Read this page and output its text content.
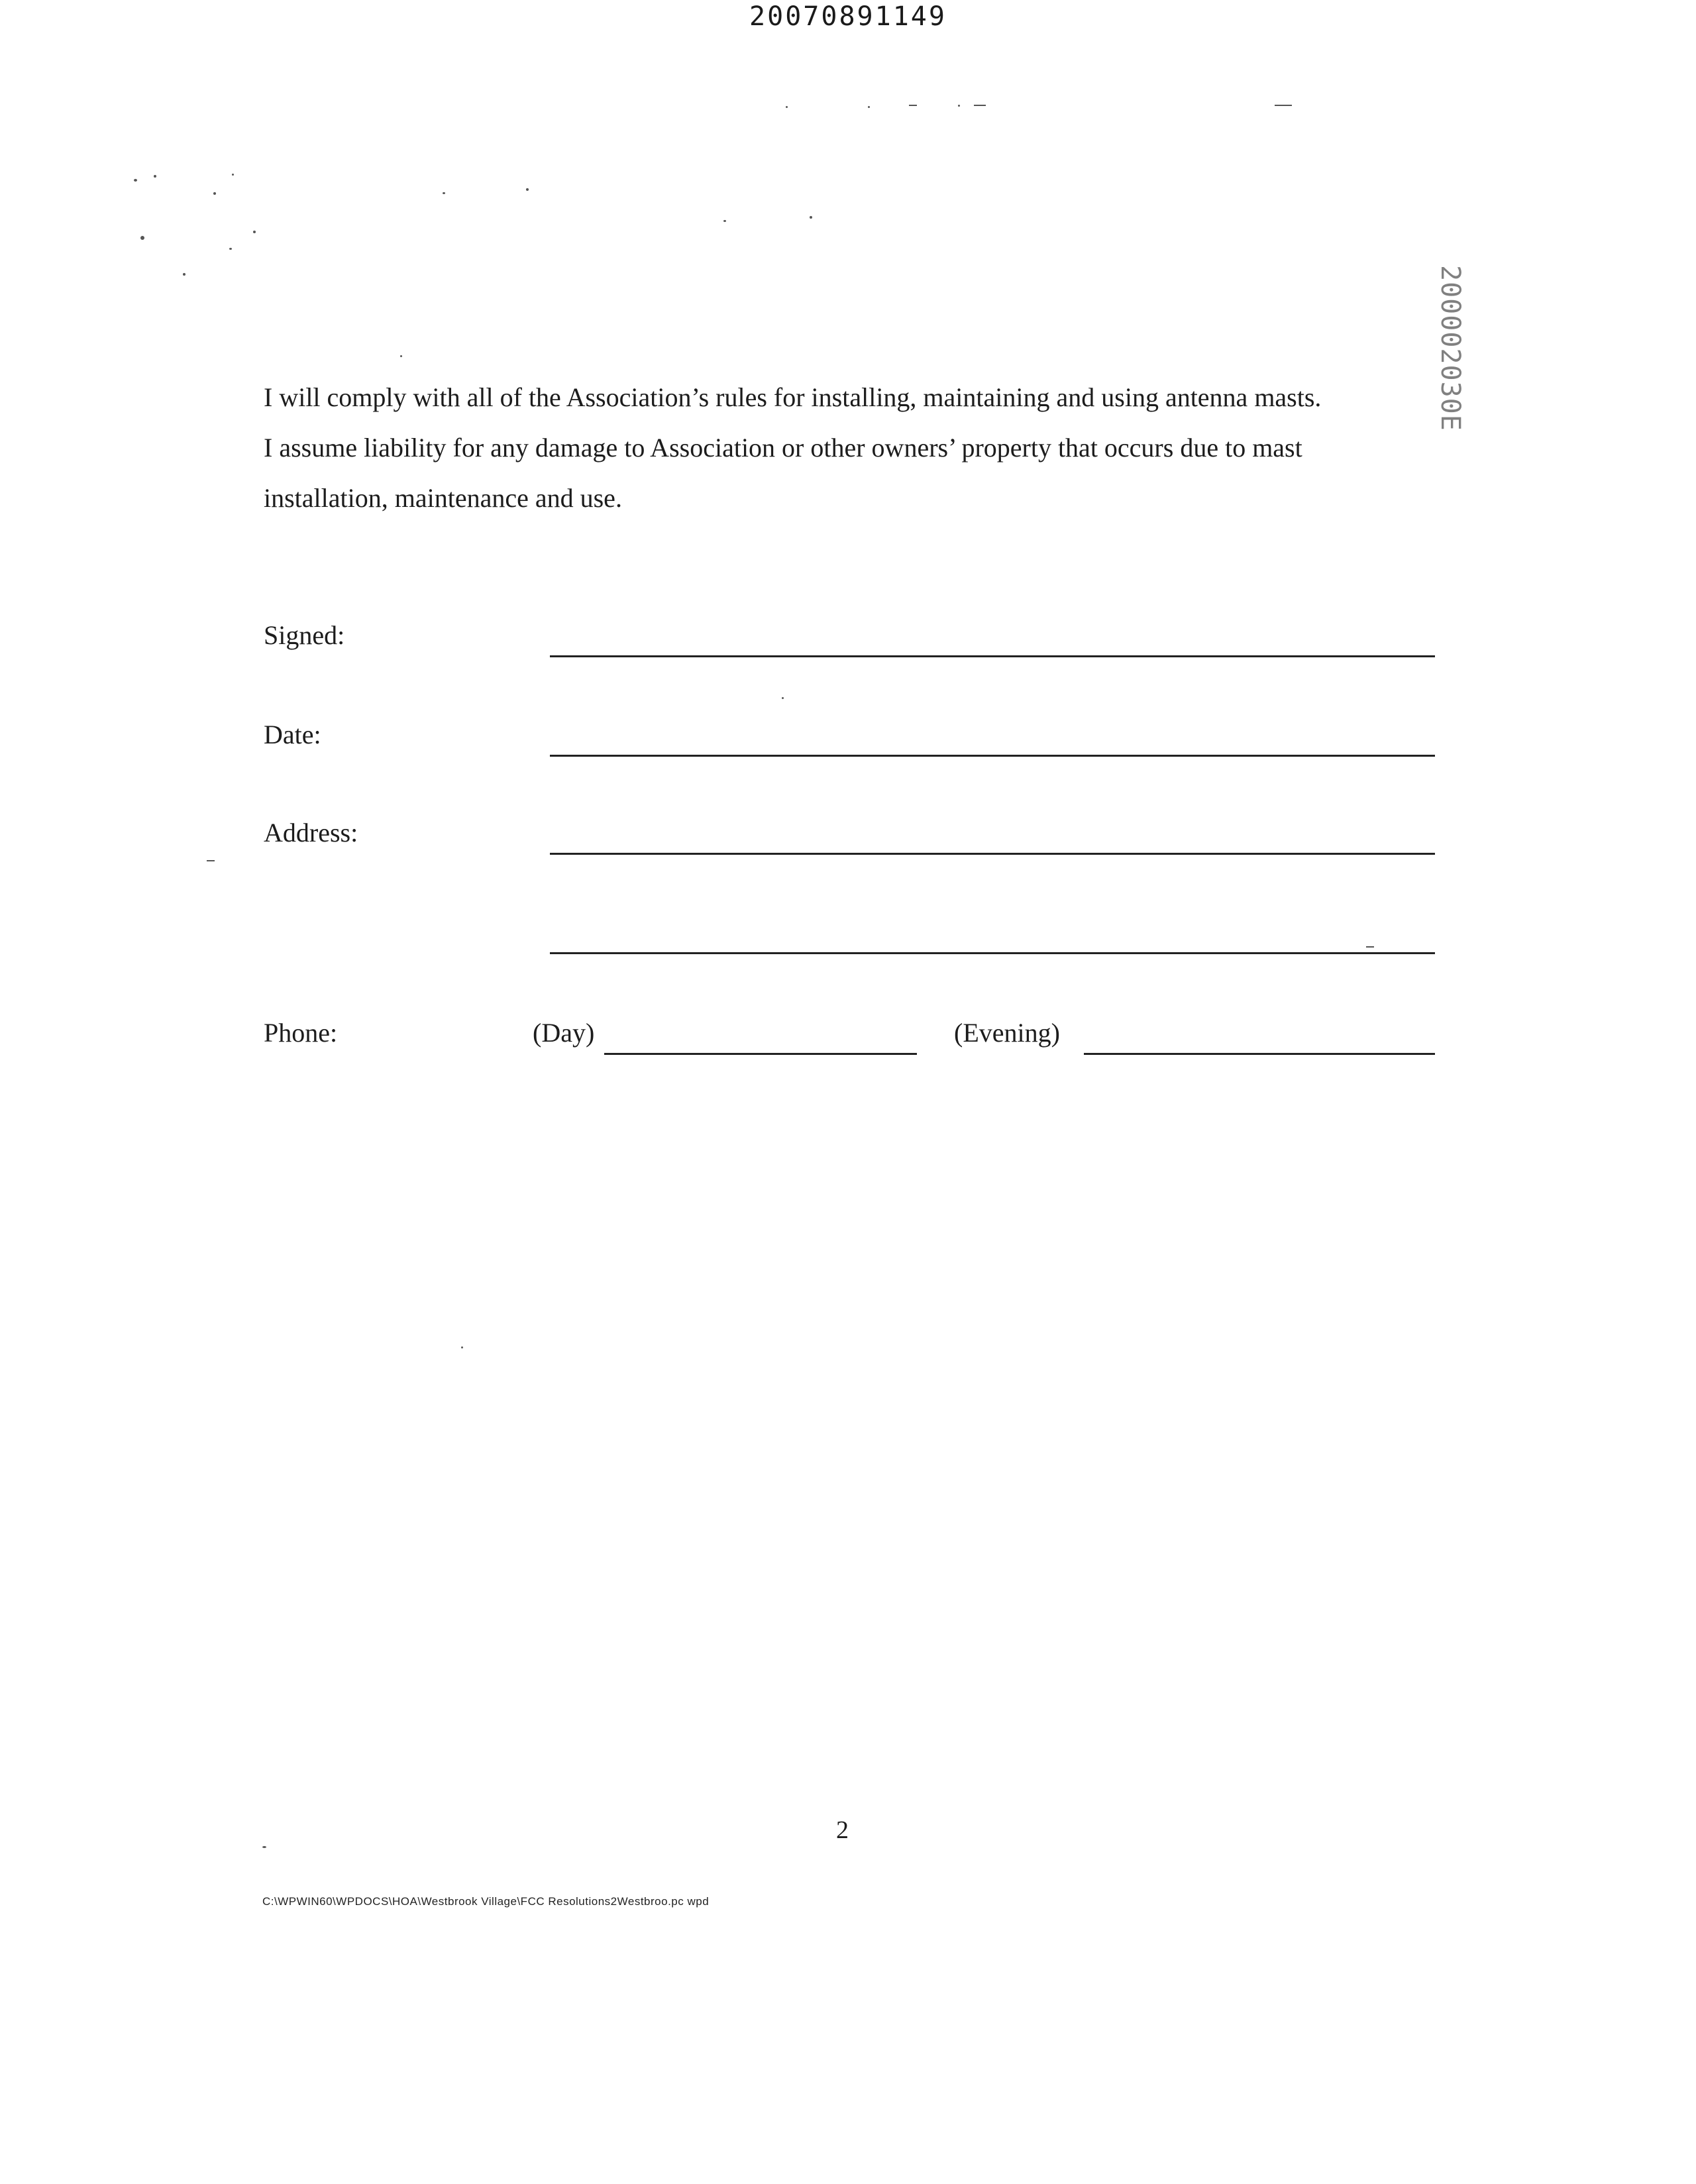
20070891149
200002030E

I will comply with all of the Association’s rules for installing, maintaining and using antenna masts.

I assume liability for any damage to Association or other owners’ property that occurs due to mast

installation, maintenance and use.

Signed:
Date:
Address:
Phone:	(Day)	(Evening)
2
C:\WPWIN60\WPDOCS\HOA\Westbrook Village\FCC Resolutions2Westbroo.pc wpd
